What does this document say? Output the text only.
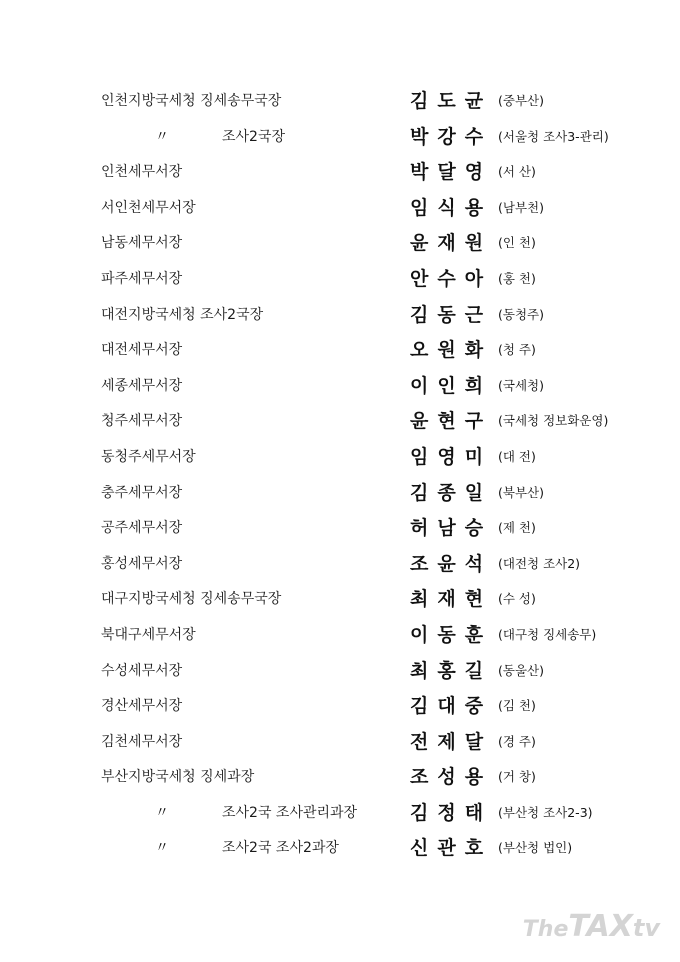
인천지방국세청 징세송무국장	김도균 (중부산)
〃	조사2국장	박강수 (서울청 조사3-관리)
인천세무서장	박달영 (서 산)
서인천세무서장	임식용 (남부천)
남동세무서장	윤재원 (인 천)
파주세무서장	안수아 (홍 천)
대전지방국세청 조사2국장	김동근 (동청주)
대전세무서장	오원화 (청 주)
세종세무서장	이인희 (국세청)
청주세무서장	윤현구 (국세청 정보화운영)
동청주세무서장	임영미 (대 전)
충주세무서장	김종일 (북부산)
공주세무서장	허남승 (제 천)
홍성세무서장	조윤석 (대전청 조사2)
대구지방국세청 징세송무국장	최재현 (수 성)
북대구세무서장	이동훈 (대구청 징세송무)
수성세무서장	최홍길 (동울산)
경산세무서장	김대중 (김 천)
김천세무서장	전제달 (경 주)
부산지방국세청 징세과장	조성용 (거 창)
〃	조사2국 조사관리과장	김정태 (부산청 조사2-3)
〃	조사2국 조사2과장	신관호 (부산청 법인)
TheTAXtv
